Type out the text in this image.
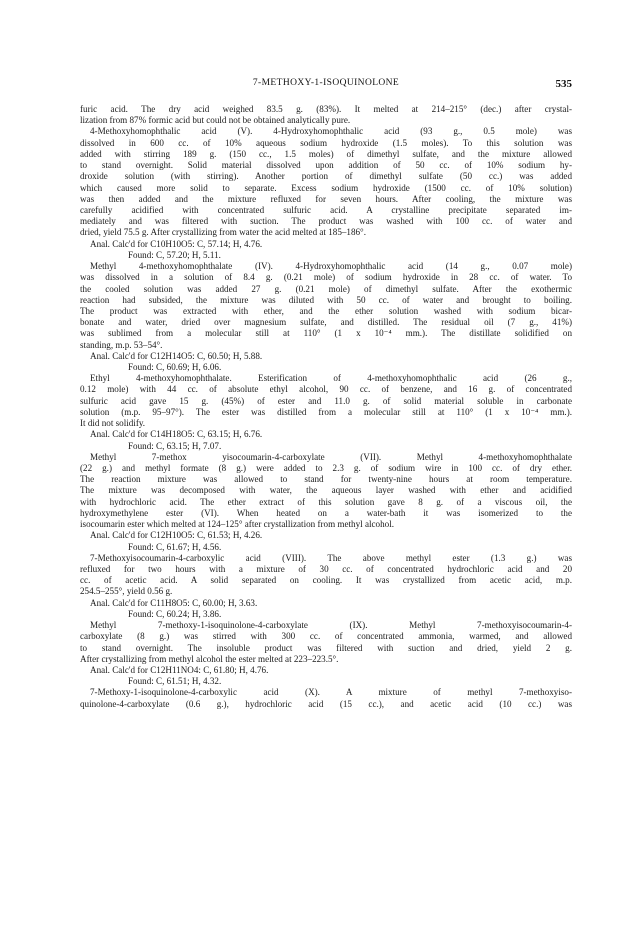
7-METHOXY-1-ISOQUINOLONE	535
furic acid. The dry acid weighed 83.5 g. (83%). It melted at 214–215° (dec.) after crystal-
lization from 87% formic acid but could not be obtained analytically pure.
4-Methoxyhomophthalic acid (V). 4-Hydroxyhomophthalic acid (93 g., 0.5 mole) was
dissolved in 600 cc. of 10% aqueous sodium hydroxide (1.5 moles). To this solution was
added with stirring 189 g. (150 cc., 1.5 moles) of dimethyl sulfate, and the mixture allowed
to stand overnight. Solid material dissolved upon addition of 50 cc. of 10% sodium hy-
droxide solution (with stirring). Another portion of dimethyl sulfate (50 cc.) was added
which caused more solid to separate. Excess sodium hydroxide (1500 cc. of 10% solution)
was then added and the mixture refluxed for seven hours. After cooling, the mixture was
carefully acidified with concentrated sulfuric acid. A crystalline precipitate separated im-
mediately and was filtered with suction. The product was washed with 100 cc. of water and
dried, yield 75.5 g. After crystallizing from water the acid melted at 185–186°.
Anal. Calc'd for C10H10O5: C, 57.14; H, 4.76.
Found: C, 57.20; H, 5.11.
Methyl 4-methoxyhomophthalate (IV). 4-Hydroxyhomophthalic acid (14 g., 0.07 mole)
was dissolved in a solution of 8.4 g. (0.21 mole) of sodium hydroxide in 28 cc. of water. To
the cooled solution was added 27 g. (0.21 mole) of dimethyl sulfate. After the exothermic
reaction had subsided, the mixture was diluted with 50 cc. of water and brought to boiling.
The product was extracted with ether, and the ether solution washed with sodium bicar-
bonate and water, dried over magnesium sulfate, and distilled. The residual oil (7 g., 41%)
was sublimed from a molecular still at 110° (1 x 10⁻⁴ mm.). The distillate solidified on
standing, m.p. 53–54°.
Anal. Calc'd for C12H14O5: C, 60.50; H, 5.88.
Found: C, 60.69; H, 6.06.
Ethyl 4-methoxyhomophthalate. Esterification of 4-methoxyhomophthalic acid (26 g.,
0.12 mole) with 44 cc. of absolute ethyl alcohol, 90 cc. of benzene, and 16 g. of concentrated
sulfuric acid gave 15 g. (45%) of ester and 11.0 g. of solid material soluble in carbonate
solution (m.p. 95–97°). The ester was distilled from a molecular still at 110° (1 x 10⁻⁴ mm.).
It did not solidify.
Anal. Calc'd for C14H18O5: C, 63.15; H, 6.76.
Found: C, 63.15; H, 7.07.
Methyl 7-methox yisocoumarin-4-carboxylate (VII). Methyl 4-methoxyhomophthalate
(22 g.) and methyl formate (8 g.) were added to 2.3 g. of sodium wire in 100 cc. of dry ether.
The reaction mixture was allowed to stand for twenty-nine hours at room temperature.
The mixture was decomposed with water, the aqueous layer washed with ether and acidified
with hydrochloric acid. The ether extract of this solution gave 8 g. of a viscous oil, the
hydroxymethylene ester (VI). When heated on a water-bath it was isomerized to the
isocoumarin ester which melted at 124–125° after crystallization from methyl alcohol.
Anal. Calc'd for C12H10O5: C, 61.53; H, 4.26.
Found: C, 61.67; H, 4.56.
7-Methoxyisocoumarin-4-carboxylic acid (VIII). The above methyl ester (1.3 g.) was
refluxed for two hours with a mixture of 30 cc. of concentrated hydrochloric acid and 20
cc. of acetic acid. A solid separated on cooling. It was crystallized from acetic acid, m.p.
254.5–255°, yield 0.56 g.
Anal. Calc'd for C11H8O5: C, 60.00; H, 3.63.
Found: C, 60.24; H, 3.86.
Methyl 7-methoxy-1-isoquinolone-4-carboxylate (IX). Methyl 7-methoxyisocoumarin-4-
carboxylate (8 g.) was stirred with 300 cc. of concentrated ammonia, warmed, and allowed
to stand overnight. The insoluble product was filtered with suction and dried, yield 2 g.
After crystallizing from methyl alcohol the ester melted at 223–223.5°.
Anal. Calc'd for C12H11NO4: C, 61.80; H, 4.76.
Found: C, 61.51; H, 4.32.
7-Methoxy-1-isoquinolone-4-carboxylic acid (X). A mixture of methyl 7-methoxyiso-
quinolone-4-carboxylate (0.6 g.), hydrochloric acid (15 cc.), and acetic acid (10 cc.) was
